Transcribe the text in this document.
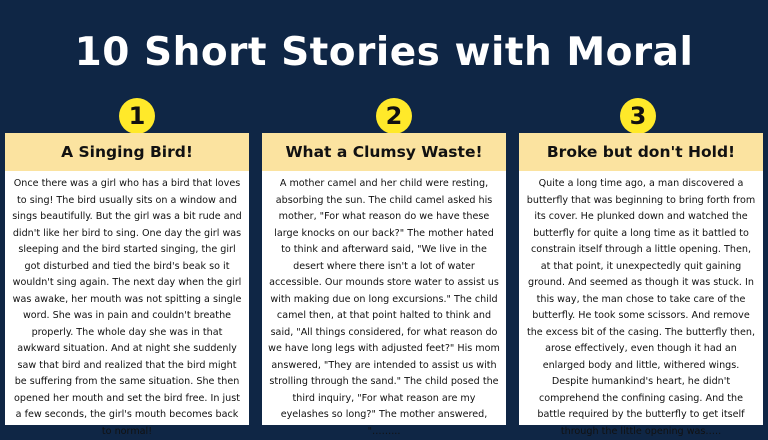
10 Short Stories with Moral
1	2	3
A Singing Bird!
Once there was a girl who has a bird that loves to sing! The bird usually sits on a window and sings beautifully. But the girl was a bit rude and didn't like her bird to sing. One day the girl was sleeping and the bird started singing, the girl got disturbed and tied the bird's beak so it wouldn't sing again. The next day when the girl was awake, her mouth was not spitting a single word. She was in pain and couldn't breathe properly. The whole day she was in that awkward situation. And at night she suddenly saw that bird and realized that the bird might be suffering from the same situation. She then opened her mouth and set the bird free. In just a few seconds, the girl's mouth becomes back to normal!
What a Clumsy Waste!
A mother camel and her child were resting, absorbing the sun. The child camel asked his mother, "For what reason do we have these large knocks on our back?" The mother hated to think and afterward said, "We live in the desert where there isn't a lot of water accessible. Our mounds store water to assist us with making due on long excursions." The child camel then, at that point halted to think and said, "All things considered, for what reason do we have long legs with adjusted feet?" His mom answered, "They are intended to assist us with strolling through the sand." The child posed the third inquiry, "For what reason are my eyelashes so long?" The mother answered, "……...
Broke but don't Hold!
Quite a long time ago, a man discovered a butterfly that was beginning to bring forth from its cover. He plunked down and watched the butterfly for quite a long time as it battled to constrain itself through a little opening. Then, at that point, it unexpectedly quit gaining ground. And seemed as though it was stuck. In this way, the man chose to take care of the butterfly. He took some scissors. And remove the excess bit of the casing. The butterfly then, arose effectively, even though it had an enlarged body and little, withered wings. Despite humankind's heart, he didn't comprehend the confining casing. And the battle required by the butterfly to get itself through the little opening was…..
